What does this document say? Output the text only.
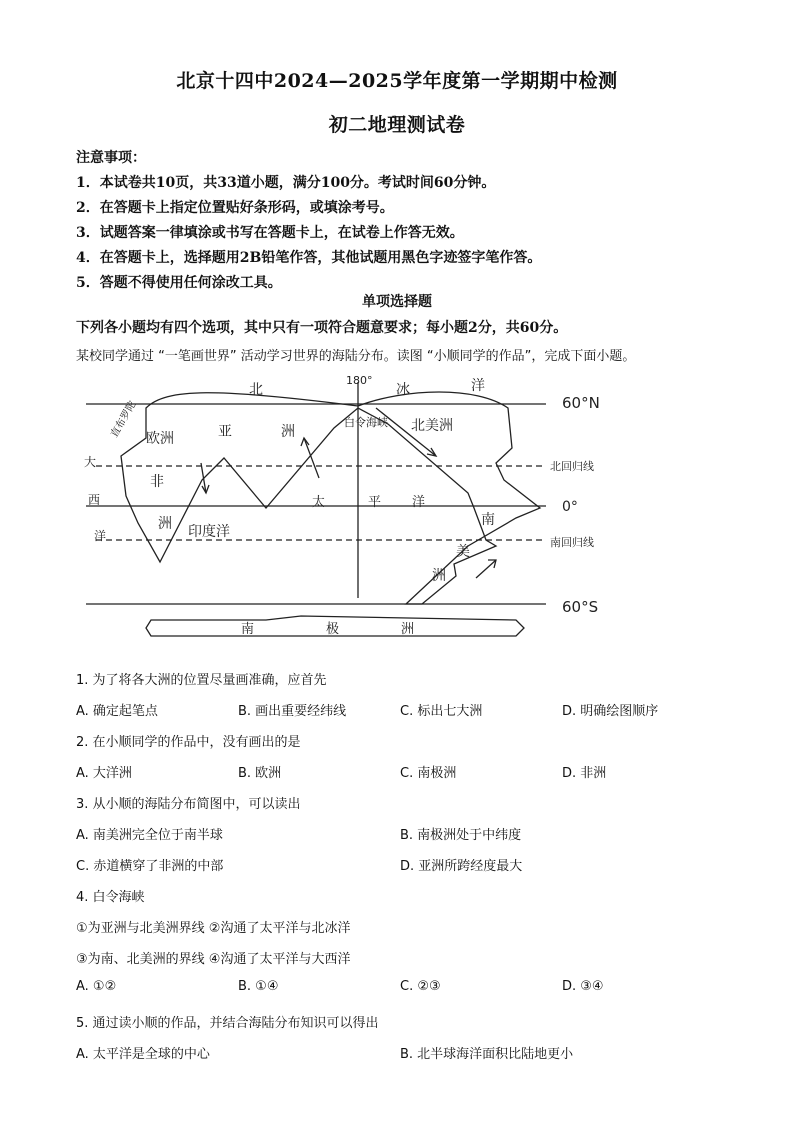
北京十四中2024—2025学年度第一学期期中检测
初二地理测试卷
注意事项：
1．本试卷共10页，共33道小题，满分100分。考试时间60分钟。
2．在答题卡上指定位置贴好条形码，或填涂考号。
3．试题答案一律填涂或书写在答题卡上，在试卷上作答无效。
4．在答题卡上，选择题用2B铅笔作答，其他试题用黑色字迹签字笔作答。
5．答题不得使用任何涂改工具。
单项选择题
下列各小题均有四个选项，其中只有一项符合题意要求；每小题2分，共60分。
某校同学通过 “一笔画世界” 活动学习世界的海陆分布。读图 “小顺同学的作品”，完成下面小题。
180°
60°N
0°
60°S
北回归线
南回归线
北	冰	洋
白令海峡
欧洲	亚	洲	北美洲
非
洲 印度洋
太	平 洋
南
美
洲
南	极	洲
大
西
洋
直布罗陀
1. 为了将各大洲的位置尽量画准确，应首先
A. 确定起笔点	B. 画出重要经纬线	C. 标出七大洲	D. 明确绘图顺序
2. 在小顺同学的作品中，没有画出的是
A. 大洋洲	B. 欧洲	C. 南极洲	D. 非洲
3. 从小顺的海陆分布简图中，可以读出
A. 南美洲完全位于南半球	B. 南极洲处于中纬度
C. 赤道横穿了非洲的中部	D. 亚洲所跨经度最大
4. 白令海峡
①为亚洲与北美洲界线 ②沟通了太平洋与北冰洋
③为南、北美洲的界线 ④沟通了太平洋与大西洋
A. ①②	B. ①④	C. ②③	D. ③④
5. 通过读小顺的作品，并结合海陆分布知识可以得出
A. 太平洋是全球的中心	B. 北半球海洋面积比陆地更小
